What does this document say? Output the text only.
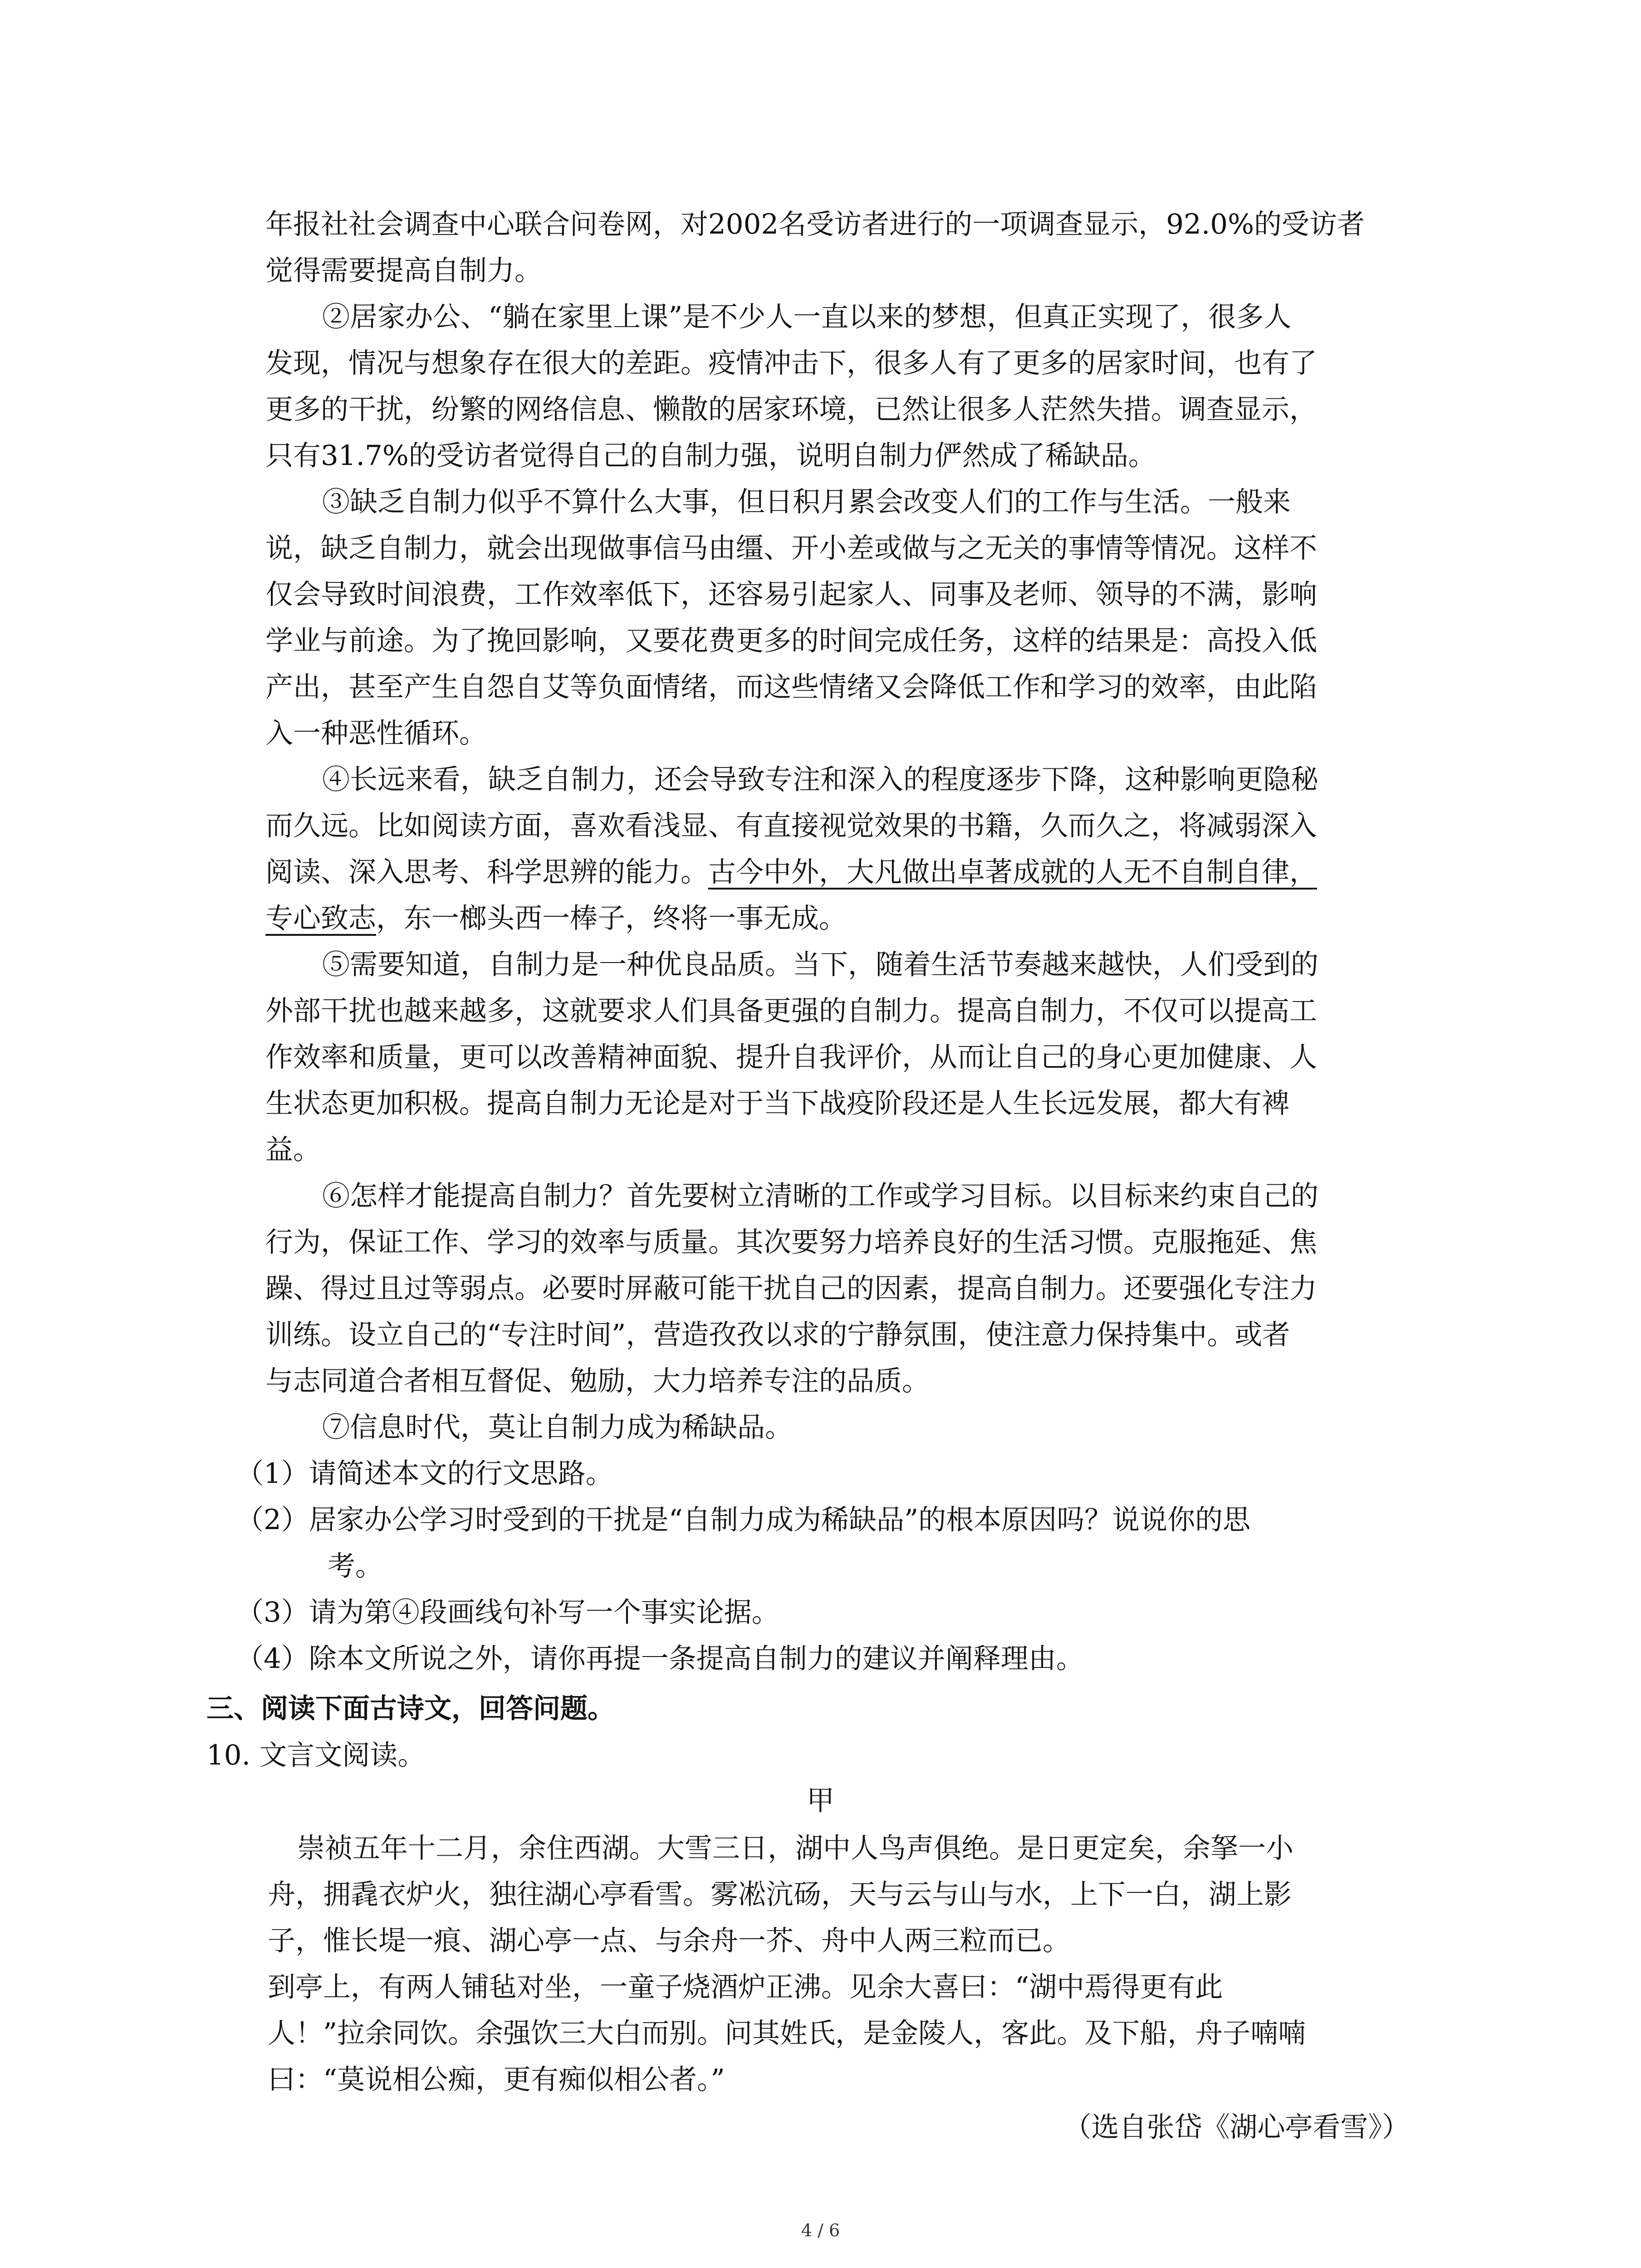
年报社社会调查中心联合问卷网，对2002名受访者进行的一项调查显示，92.0%的受访者
觉得需要提高自制力。
②居家办公、“躺在家里上课”是不少人一直以来的梦想，但真正实现了，很多人
发现，情况与想象存在很大的差距。疫情冲击下，很多人有了更多的居家时间，也有了
更多的干扰，纷繁的网络信息、懒散的居家环境，已然让很多人茫然失措。调查显示，
只有31.7%的受访者觉得自己的自制力强，说明自制力俨然成了稀缺品。
③缺乏自制力似乎不算什么大事，但日积月累会改变人们的工作与生活。一般来
说，缺乏自制力，就会出现做事信马由缰、开小差或做与之无关的事情等情况。这样不
仅会导致时间浪费，工作效率低下，还容易引起家人、同事及老师、领导的不满，影响
学业与前途。为了挽回影响，又要花费更多的时间完成任务，这样的结果是：高投入低
产出，甚至产生自怨自艾等负面情绪，而这些情绪又会降低工作和学习的效率，由此陷
入一种恶性循环。
④长远来看，缺乏自制力，还会导致专注和深入的程度逐步下降，这种影响更隐秘
而久远。比如阅读方面，喜欢看浅显、有直接视觉效果的书籍，久而久之，将减弱深入
阅读、深入思考、科学思辨的能力。古今中外，大凡做出卓著成就的人无不自制自律，
专心致志，东一榔头西一棒子，终将一事无成。
⑤需要知道，自制力是一种优良品质。当下，随着生活节奏越来越快，人们受到的
外部干扰也越来越多，这就要求人们具备更强的自制力。提高自制力，不仅可以提高工
作效率和质量，更可以改善精神面貌、提升自我评价，从而让自己的身心更加健康、人
生状态更加积极。提高自制力无论是对于当下战疫阶段还是人生长远发展，都大有裨
益。
⑥怎样才能提高自制力？首先要树立清晰的工作或学习目标。以目标来约束自己的
行为，保证工作、学习的效率与质量。其次要努力培养良好的生活习惯。克服拖延、焦
躁、得过且过等弱点。必要时屏蔽可能干扰自己的因素，提高自制力。还要强化专注力
训练。设立自己的“专注时间”，营造孜孜以求的宁静氛围，使注意力保持集中。或者
与志同道合者相互督促、勉励，大力培养专注的品质。
⑦信息时代，莫让自制力成为稀缺品。
（1）请简述本文的行文思路。
（2）居家办公学习时受到的干扰是“自制力成为稀缺品”的根本原因吗？说说你的思
考。
（3）请为第④段画线句补写一个事实论据。
（4）除本文所说之外，请你再提一条提高自制力的建议并阐释理由。
三、阅读下面古诗文，回答问题。
10. 文言文阅读。
甲
崇祯五年十二月，余住西湖。大雪三日，湖中人鸟声俱绝。是日更定矣，余拏一小
舟，拥毳衣炉火，独往湖心亭看雪。雾凇沆砀，天与云与山与水，上下一白，湖上影
子，惟长堤一痕、湖心亭一点、与余舟一芥、舟中人两三粒而已。
到亭上，有两人铺毡对坐，一童子烧酒炉正沸。见余大喜曰：“湖中焉得更有此
人！”拉余同饮。余强饮三大白而别。问其姓氏，是金陵人，客此。及下船，舟子喃喃
曰：“莫说相公痴，更有痴似相公者。”
（选自张岱《湖心亭看雪》）
4 / 6
